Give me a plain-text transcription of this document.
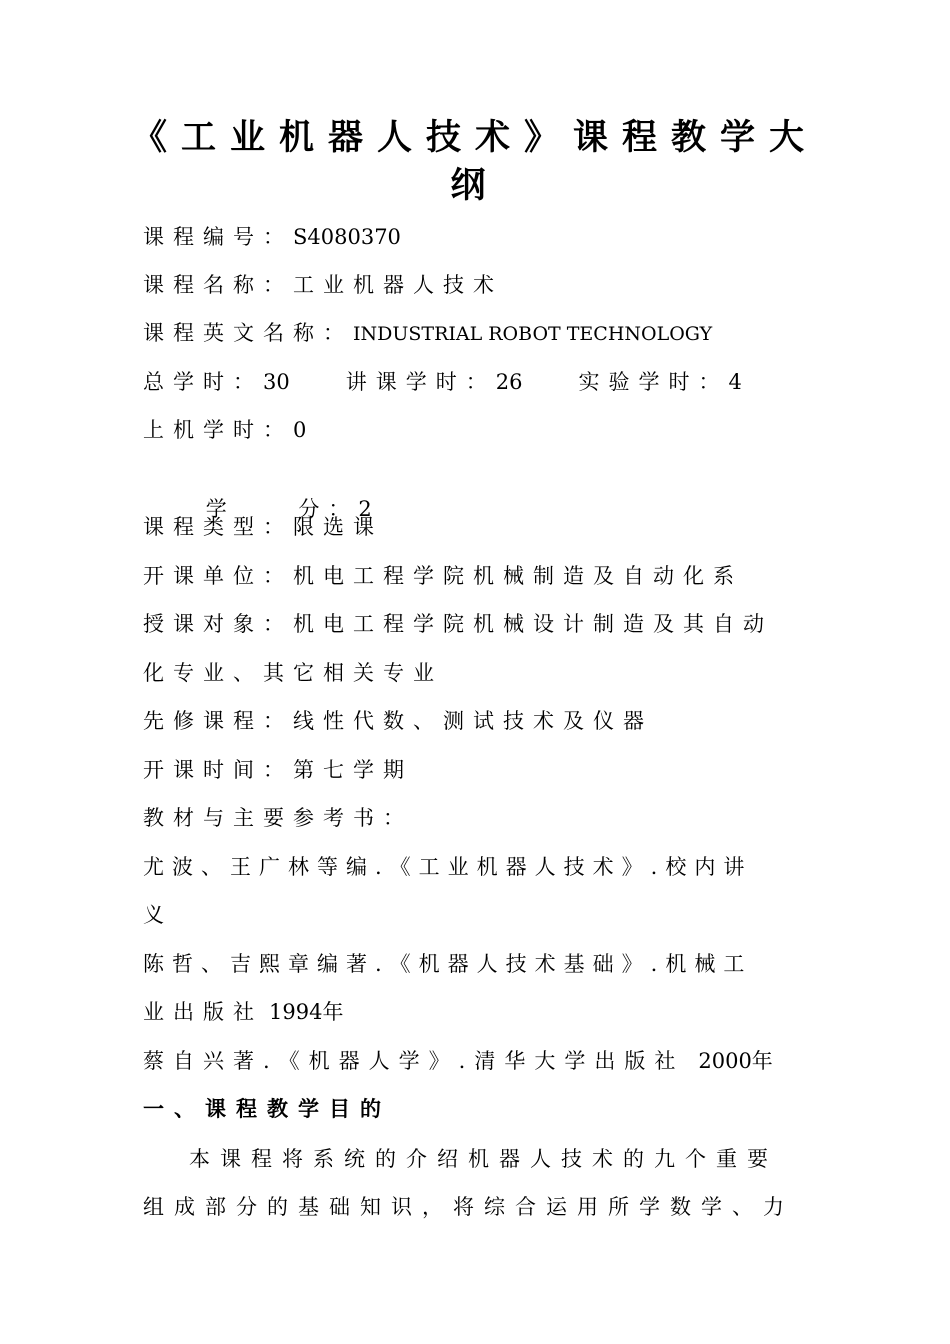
《工业机器人技术》课程教学大
纲
课程编号：S4080370
课程名称：工业机器人技术
课程英文名称：INDUSTRIAL ROBOT TECHNOLOGY
总学时：30	讲课学时：26	实验学时：4
上机学时：0

学    分：2

课程类型：限选课
开课单位：机电工程学院机械制造及自动化系
授课对象：机电工程学院机械设计制造及其自动
化专业、其它相关专业
先修课程：线性代数、测试技术及仪器
开课时间：第七学期
教材与主要参考书：
尤波、王广林等编.《工业机器人技术》.校内讲
义
陈哲、吉熙章编著.《机器人技术基础》.机械工
业出版社 1994年
蔡自兴著.《机器人学》.清华大学出版社 2000年
一、课程教学目的
本课程将系统的介绍机器人技术的九个重要
组成部分的基础知识，将综合运用所学数学、力
